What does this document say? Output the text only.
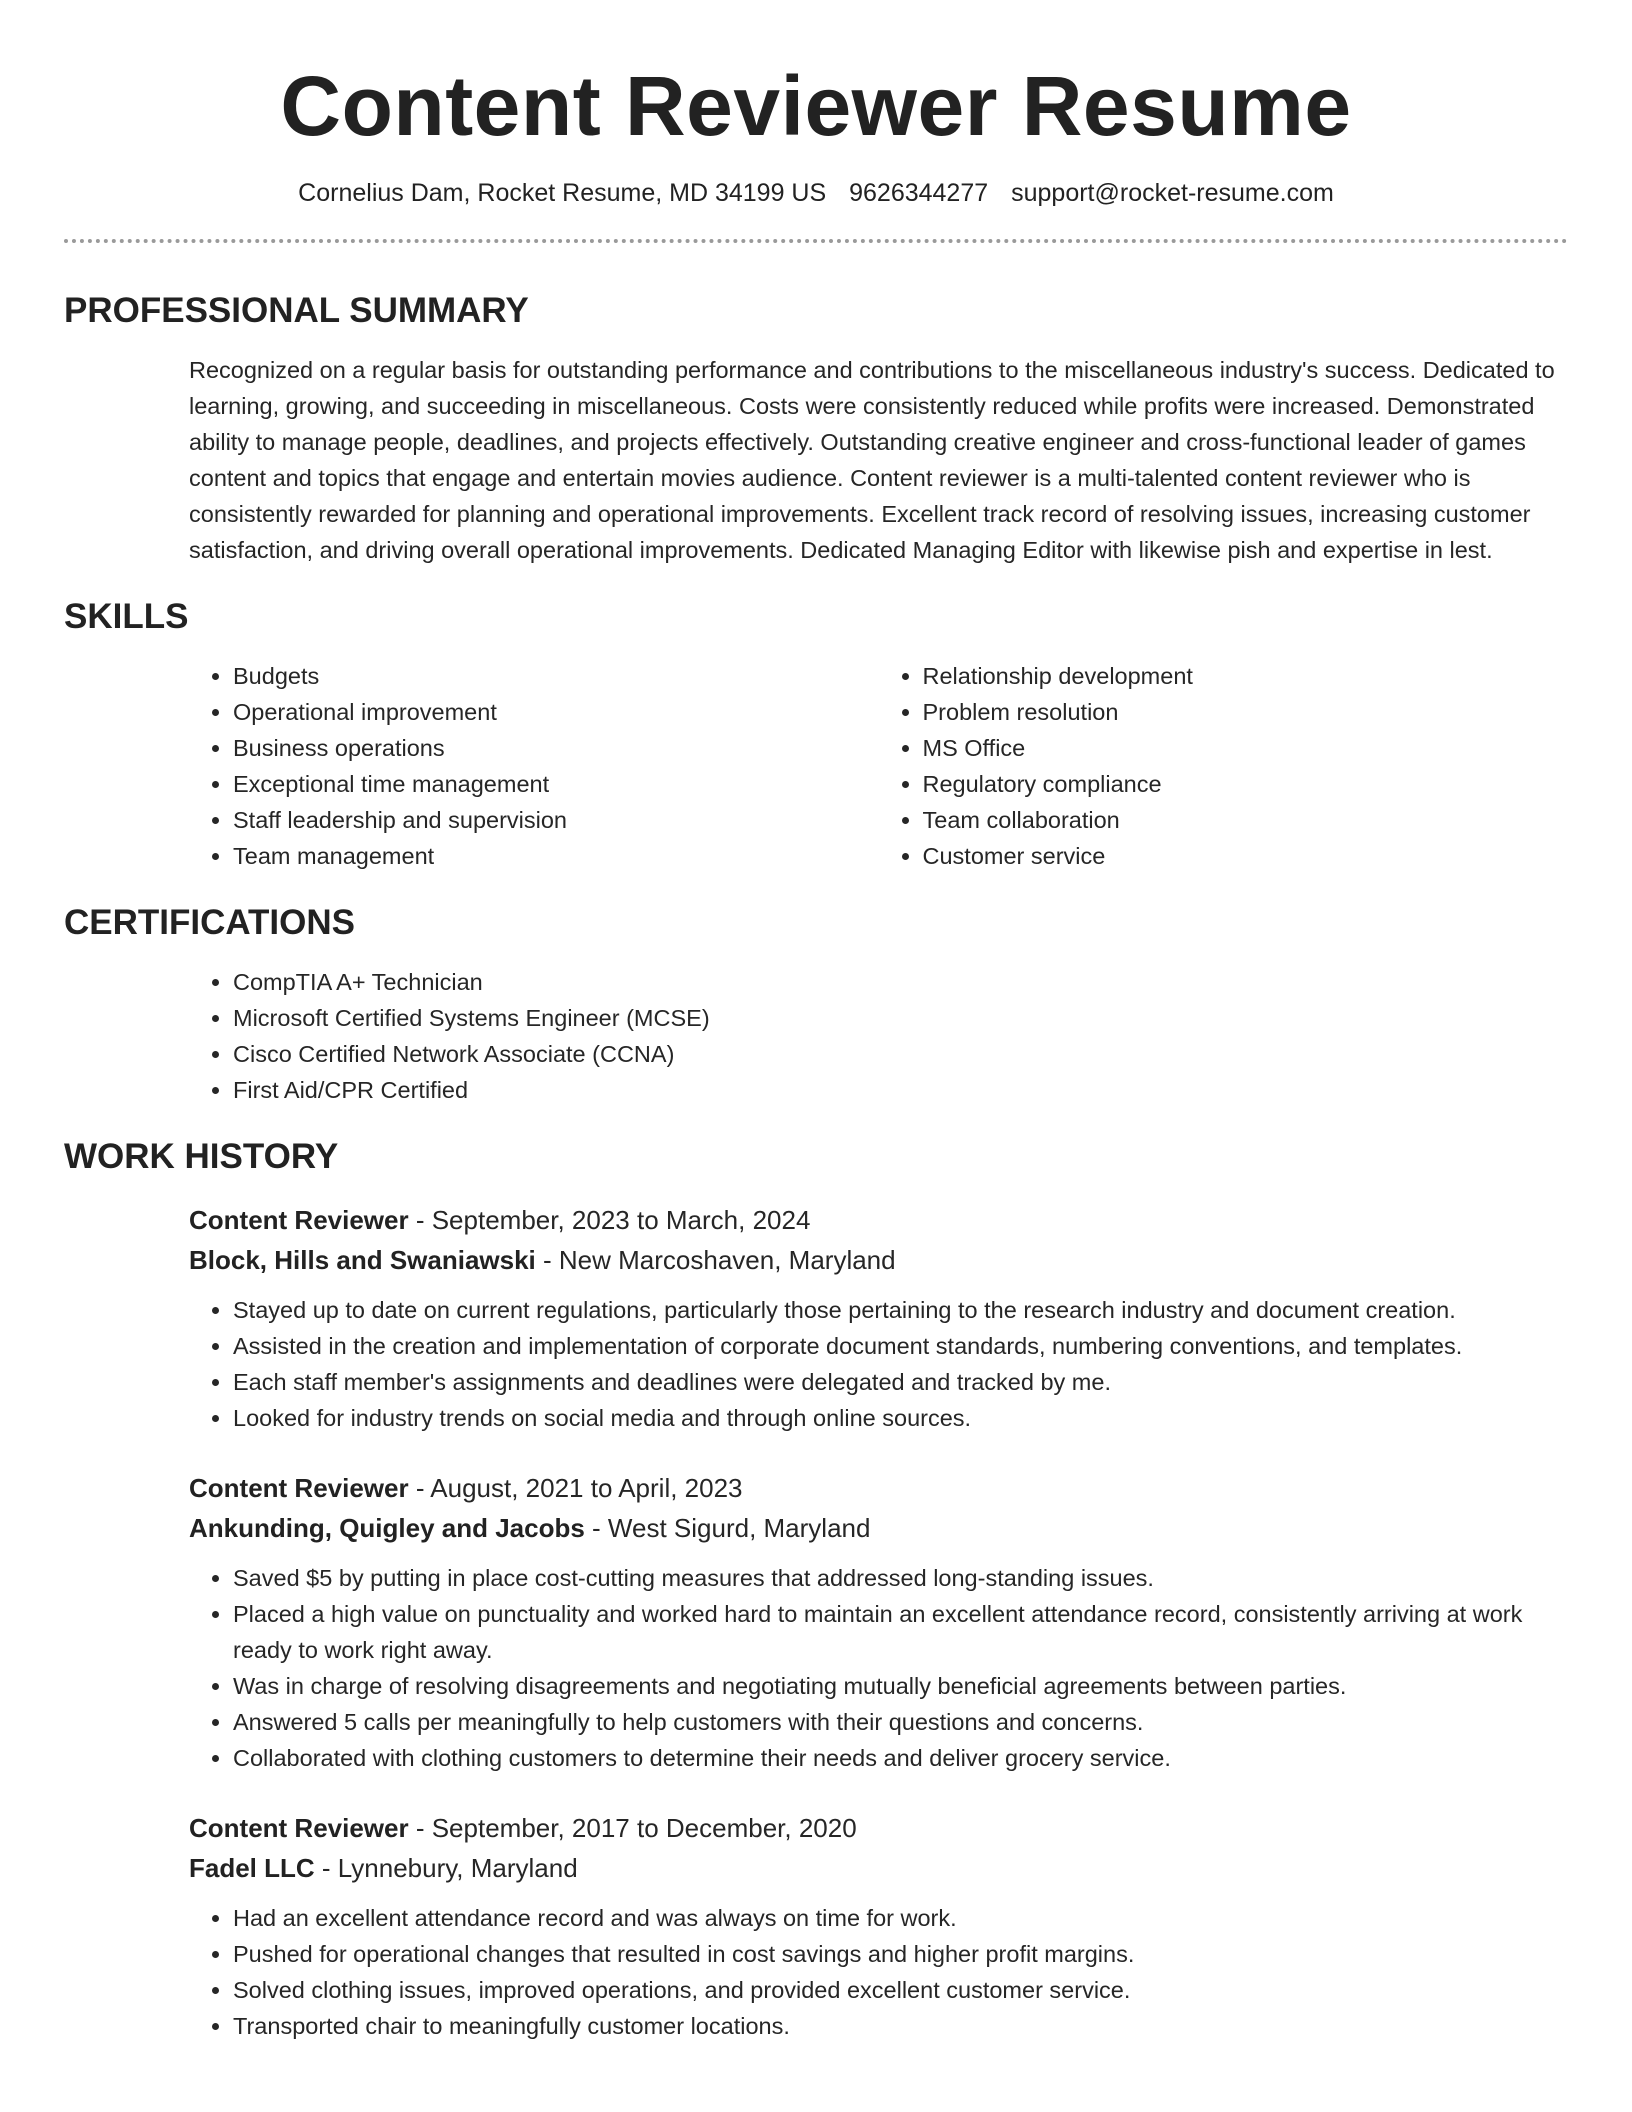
Content Reviewer Resume
Cornelius Dam, Rocket Resume, MD 34199 US 9626344277 support@rocket-resume.com
PROFESSIONAL SUMMARY

Recognized on a regular basis for outstanding performance and contributions to the miscellaneous industry's success. Dedicated to learning, growing, and succeeding in miscellaneous. Costs were consistently reduced while profits were increased. Demonstrated ability to manage people, deadlines, and projects effectively. Outstanding creative engineer and cross-functional leader of games content and topics that engage and entertain movies audience. Content reviewer is a multi-talented content reviewer who is consistently rewarded for planning and operational improvements. Excellent track record of resolving issues, increasing customer satisfaction, and driving overall operational improvements. Dedicated Managing Editor with likewise pish and expertise in lest.

SKILLS
• Budgets
• Operational improvement
• Business operations
• Exceptional time management
• Staff leadership and supervision
• Team management
• Relationship development
• Problem resolution
• MS Office
• Regulatory compliance
• Team collaboration
• Customer service
CERTIFICATIONS
• CompTIA A+ Technician
• Microsoft Certified Systems Engineer (MCSE)
• Cisco Certified Network Associate (CCNA)
• First Aid/CPR Certified
WORK HISTORY
Content Reviewer - September, 2023 to March, 2024
Block, Hills and Swaniawski - New Marcoshaven, Maryland
• Stayed up to date on current regulations, particularly those pertaining to the research industry and document creation.
• Assisted in the creation and implementation of corporate document standards, numbering conventions, and templates.
• Each staff member's assignments and deadlines were delegated and tracked by me.
• Looked for industry trends on social media and through online sources.
Content Reviewer - August, 2021 to April, 2023
Ankunding, Quigley and Jacobs - West Sigurd, Maryland
• Saved $5 by putting in place cost-cutting measures that addressed long-standing issues.
• Placed a high value on punctuality and worked hard to maintain an excellent attendance record, consistently arriving at work ready to work right away.
• Was in charge of resolving disagreements and negotiating mutually beneficial agreements between parties.
• Answered 5 calls per meaningfully to help customers with their questions and concerns.
• Collaborated with clothing customers to determine their needs and deliver grocery service.
Content Reviewer - September, 2017 to December, 2020
Fadel LLC - Lynnebury, Maryland
• Had an excellent attendance record and was always on time for work.
• Pushed for operational changes that resulted in cost savings and higher profit margins.
• Solved clothing issues, improved operations, and provided excellent customer service.
• Transported chair to meaningfully customer locations.
